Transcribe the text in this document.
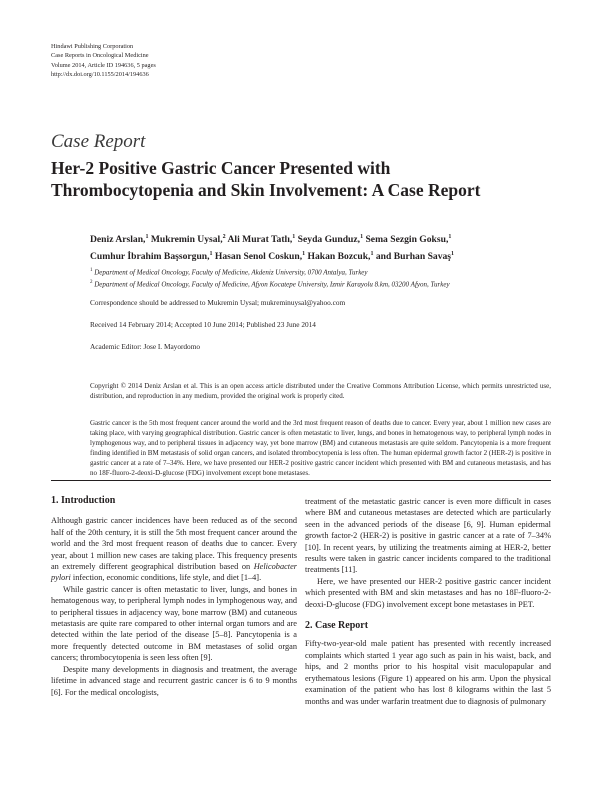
Hindawi Publishing Corporation
Case Reports in Oncological Medicine
Volume 2014, Article ID 194636, 5 pages
http://dx.doi.org/10.1155/2014/194636
Case Report
Her-2 Positive Gastric Cancer Presented with
Thrombocytopenia and Skin Involvement: A Case Report
Deniz Arslan,$^1$ Mukremin Uysal,$^2$ Ali Murat Tatlı,$^1$ Seyda Gunduz,$^1$ Sema Sezgin Goksu,$^1$
Cumhur İbrahim Başsorgun,$^1$ Hasan Senol Coskun,$^1$ Hakan Bozcuk,$^1$ and Burhan Savaş$^1$
$^1$ Department of Medical Oncology, Faculty of Medicine, Akdeniz University, 0700 Antalya, Turkey
$^2$ Department of Medical Oncology, Faculty of Medicine, Afyon Kocatepe University, Izmir Karayolu 8.km, 03200 Afyon, Turkey
Correspondence should be addressed to Mukremin Uysal; mukreminuysal@yahoo.com
Received 14 February 2014; Accepted 10 June 2014; Published 23 June 2014
Academic Editor: Jose I. Mayordomo
Copyright © 2014 Deniz Arslan et al. This is an open access article distributed under the Creative Commons Attribution License, which permits unrestricted use, distribution, and reproduction in any medium, provided the original work is properly cited.
Gastric cancer is the 5th most frequent cancer around the world and the 3rd most frequent reason of deaths due to cancer. Every year, about 1 million new cases are taking place, with varying geographical distribution. Gastric cancer is often metastatic to liver, lungs, and bones in hematogenous way, to peripheral lymph nodes in lymphogenous way, and to peripheral tissues in adjacency way, yet bone marrow (BM) and cutaneous metastasis are quite seldom. Pancytopenia is a more frequent finding identified in BM metastasis of solid organ cancers, and isolated thrombocytopenia is less often. The human epidermal growth factor 2 (HER-2) is positive in gastric cancer at a rate of 7–34%. Here, we have presented our HER-2 positive gastric cancer incident which presented with BM and cutaneous metastasis, and has no 18F-fluoro-2-deoxi-D-glucose (FDG) involvement except bone metastases.
1. Introduction

Although gastric cancer incidences have been reduced as of the second half of the 20th century, it is still the 5th most frequent cancer around the world and the 3rd most frequent reason of deaths due to cancer. Every year, about 1 million new cases are taking place. This frequency presents an extremely different geographical distribution based on Helicobacter pylori infection, economic conditions, life style, and diet [1–4].

While gastric cancer is often metastatic to liver, lungs, and bones in hematogenous way, to peripheral lymph nodes in lymphogenous way, and to peripheral tissues in adjacency way, bone marrow (BM) and cutaneous metastasis are quite rare compared to other internal organ tumors and are detected within the late period of the disease [5–8]. Pancytopenia is a more frequently detected outcome in BM metastases of solid organ cancers; thrombocytopenia is seen less often [9].

Despite many developments in diagnosis and treatment, the average lifetime in advanced stage and recurrent gastric cancer is 6 to 9 months [6]. For the medical oncologists,

treatment of the metastatic gastric cancer is even more difficult in cases where BM and cutaneous metastases are detected which are particularly seen in the advanced periods of the disease [6, 9]. Human epidermal growth factor-2 (HER-2) is positive in gastric cancer at a rate of 7–34% [10]. In recent years, by utilizing the treatments aiming at HER-2, better results were taken in gastric cancer incidents compared to the traditional treatments [11].

Here, we have presented our HER-2 positive gastric cancer incident which presented with BM and skin metastases and has no 18F-fluoro-2-deoxi-D-glucose (FDG) involvement except bone metastases in PET.

2. Case Report

Fifty-two-year-old male patient has presented with recently increased complaints which started 1 year ago such as pain in his waist, back, and hips, and 2 months prior to his hospital visit maculopapular and erythematous lesions (Figure 1) appeared on his arm. Upon the physical examination of the patient who has lost 8 kilograms within the last 5 months and was under warfarin treatment due to diagnosis of pulmonary
